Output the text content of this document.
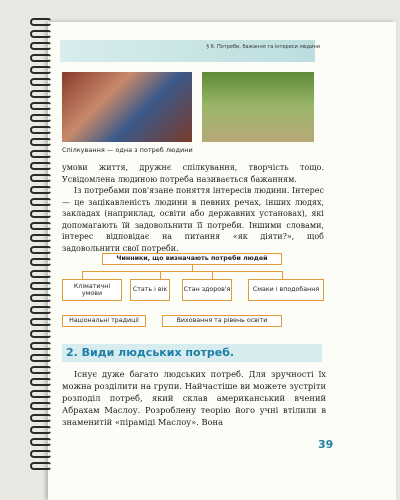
§ 6. Потреби, бажання та інтереси людини
Спілкування — одна з потреб людини

умови життя, дружнє спілкування, творчість тощо. Усвідомлена людиною потреба називається бажанням.

Із потребами пов'язане поняття інтересів людини. Інтерес — це зацікавленість людини в певних речах, інших людях, закладах (наприклад, освіти або державних установах), які допомагають їй задовольнити її потреби. Іншими словами, інтерес відповідає на питання «як діяти?», щоб задовольнити свої потреби.

Чинники, що визначають потреби людей
Кліматичні умови
Стать і вік	Стан здоров'я	Смаки і вподобання
Національні традиції	Виховання та рівень освіти
2. Види людських потреб.

Існує дуже багато людських потреб. Для зручності їх можна розділити на групи. Найчастіше ви можете зустріти розподіл потреб, який склав американський вчений Абрахам Маслоу. Розроблену теорію його учні втілили в знаменитій «піраміді Маслоу». Вона

39
